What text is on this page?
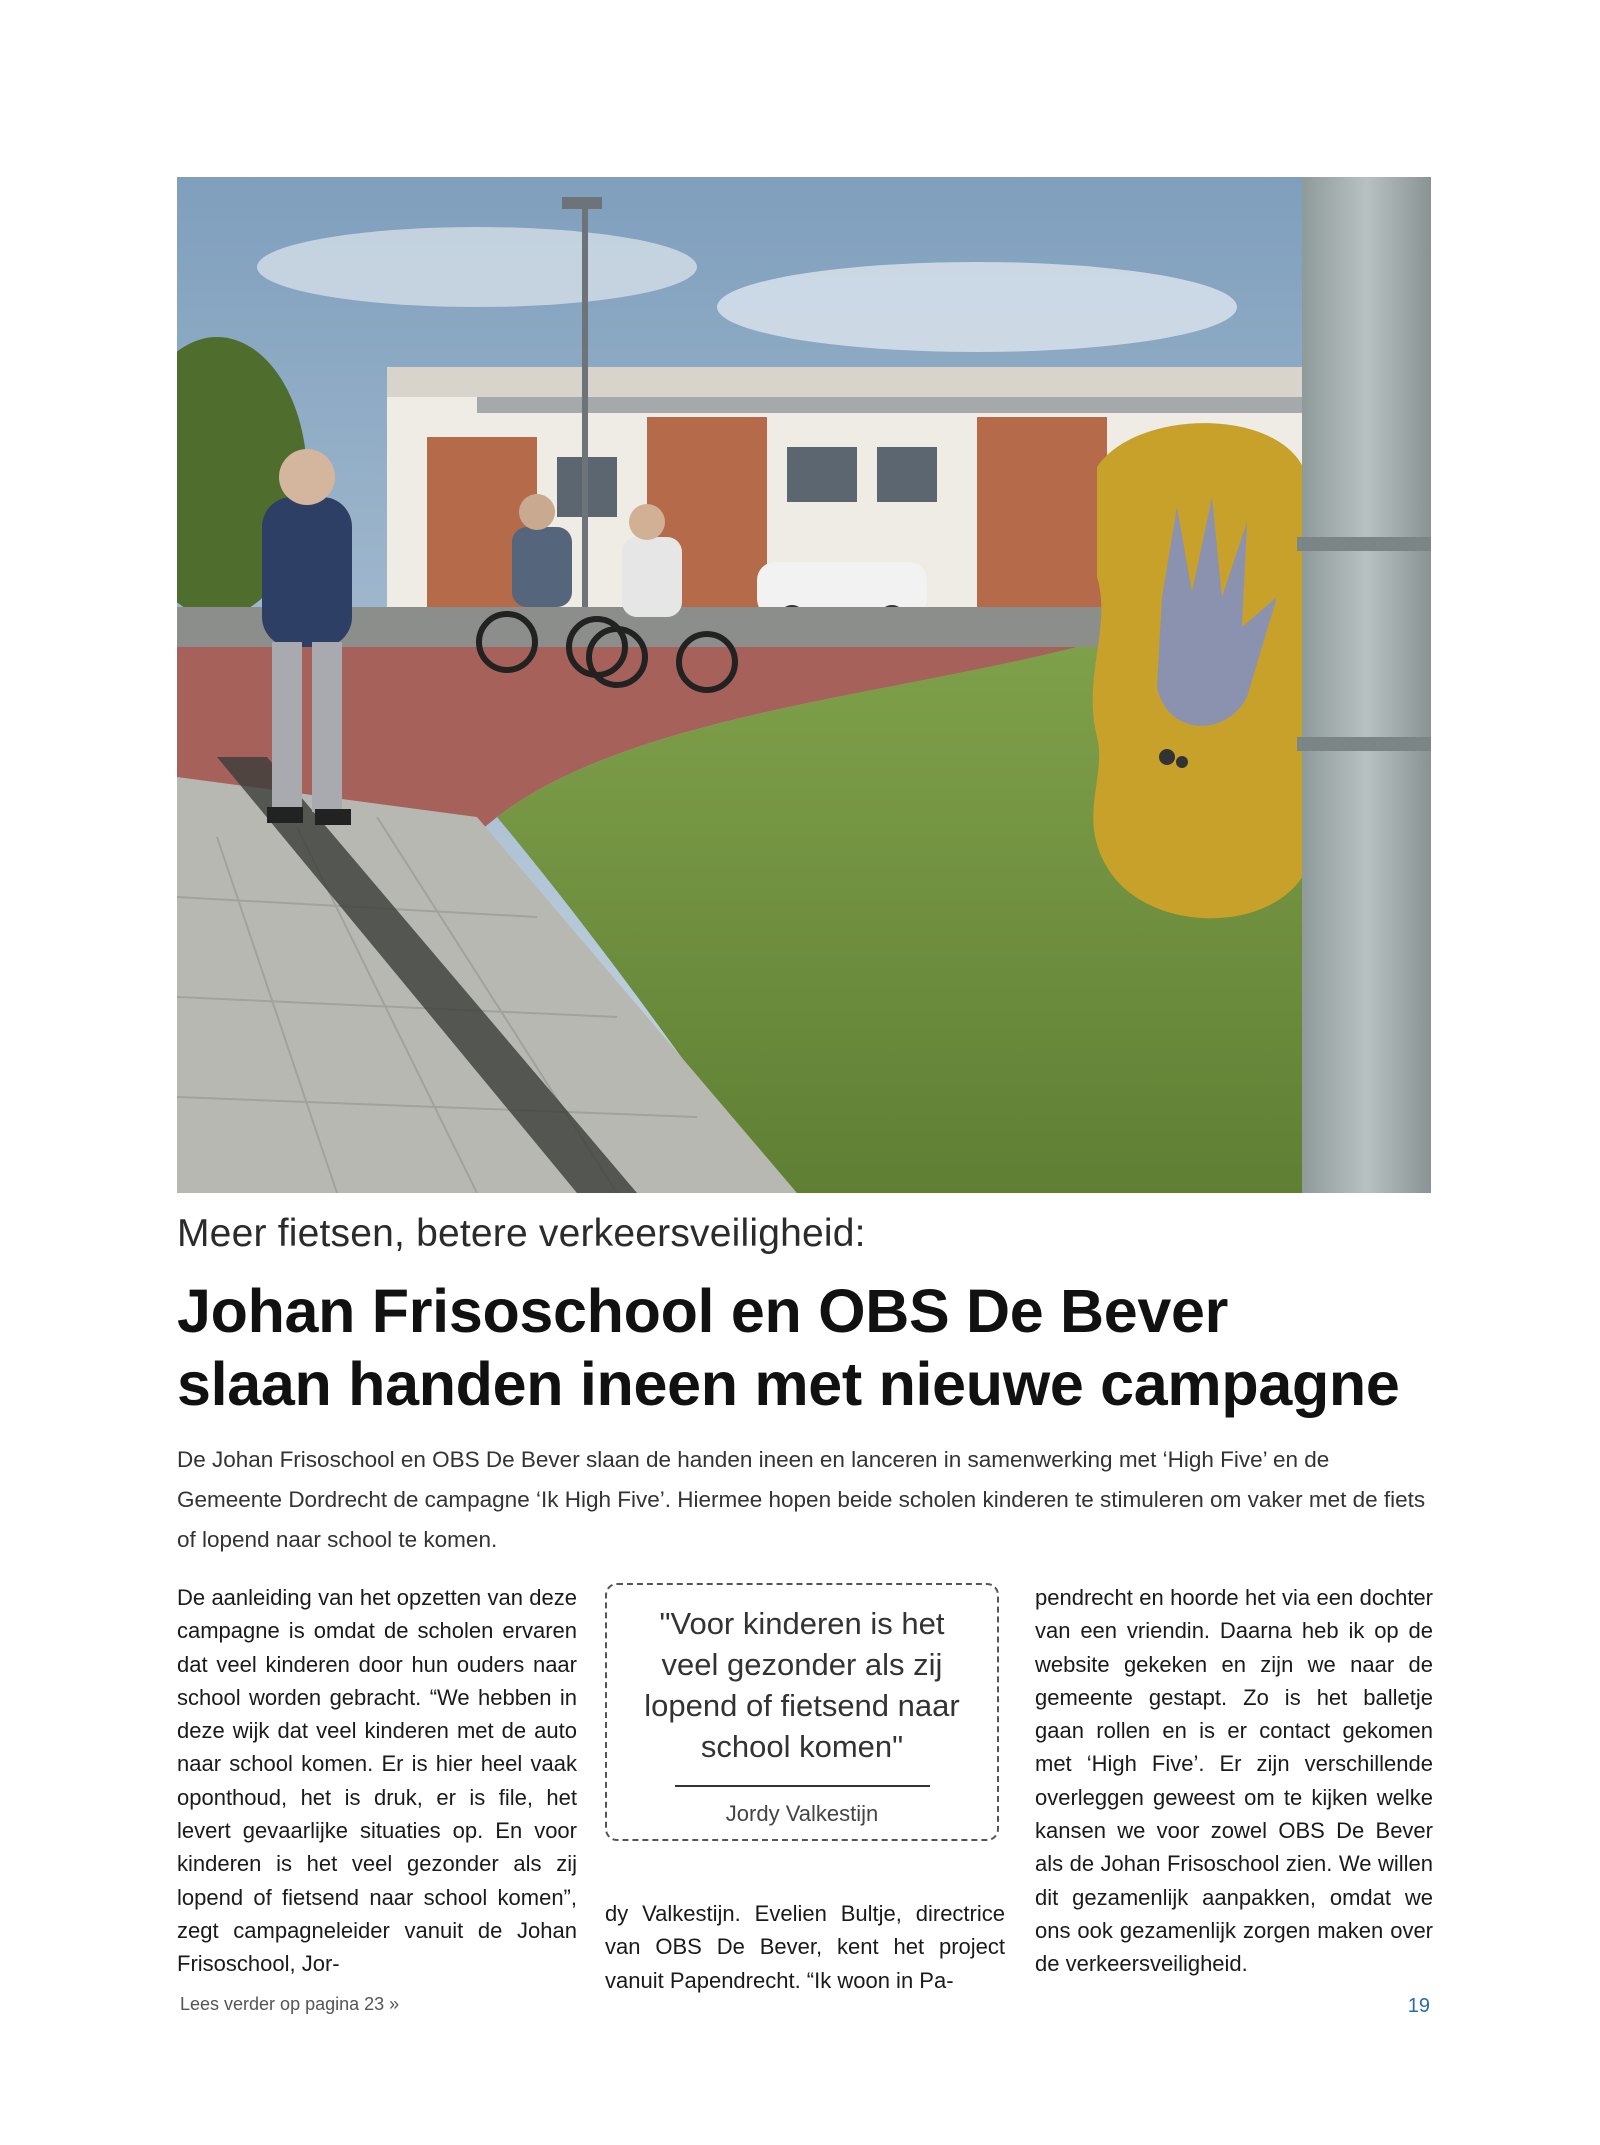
Meer fietsen, betere verkeersveiligheid:
Johan Frisoschool en OBS De Bever
slaan handen ineen met nieuwe campagne
De Johan Frisoschool en OBS De Bever slaan de handen ineen en lanceren in samenwerking met ‘High Five’ en de Gemeente Dordrecht de campagne ‘Ik High Five’. Hiermee hopen beide scholen kinderen te stimuleren om vaker met de fiets of lopend naar school te komen.
De aanleiding van het opzetten van deze campagne is omdat de scholen ervaren dat veel kinderen door hun ouders naar school worden gebracht. “We hebben in deze wijk dat veel kinderen met de auto naar school komen. Er is hier heel vaak oponthoud, het is druk, er is file, het levert gevaarlijke situaties op. En voor kinderen is het veel gezonder als zij lopend of fietsend naar school komen”, zegt campagneleider vanuit de Johan Frisoschool, Jor-
"Voor kinderen is het veel gezonder als zij lopend of fietsend naar school komen"
Jordy Valkestijn
dy Valkestijn. Evelien Bultje, directrice van OBS De Bever, kent het project vanuit Papendrecht. “Ik woon in Pa-
pendrecht en hoorde het via een dochter van een vriendin. Daarna heb ik op de website gekeken en zijn we naar de gemeente gestapt. Zo is het balletje gaan rollen en is er contact gekomen met ‘High Five’. Er zijn verschillende overleggen geweest om te kijken welke kansen we voor zowel OBS De Bever als de Johan Frisoschool zien. We willen dit gezamenlijk aanpakken, omdat we ons ook gezamenlijk zorgen maken over de verkeersveiligheid.
Lees verder op pagina 23 »	19
